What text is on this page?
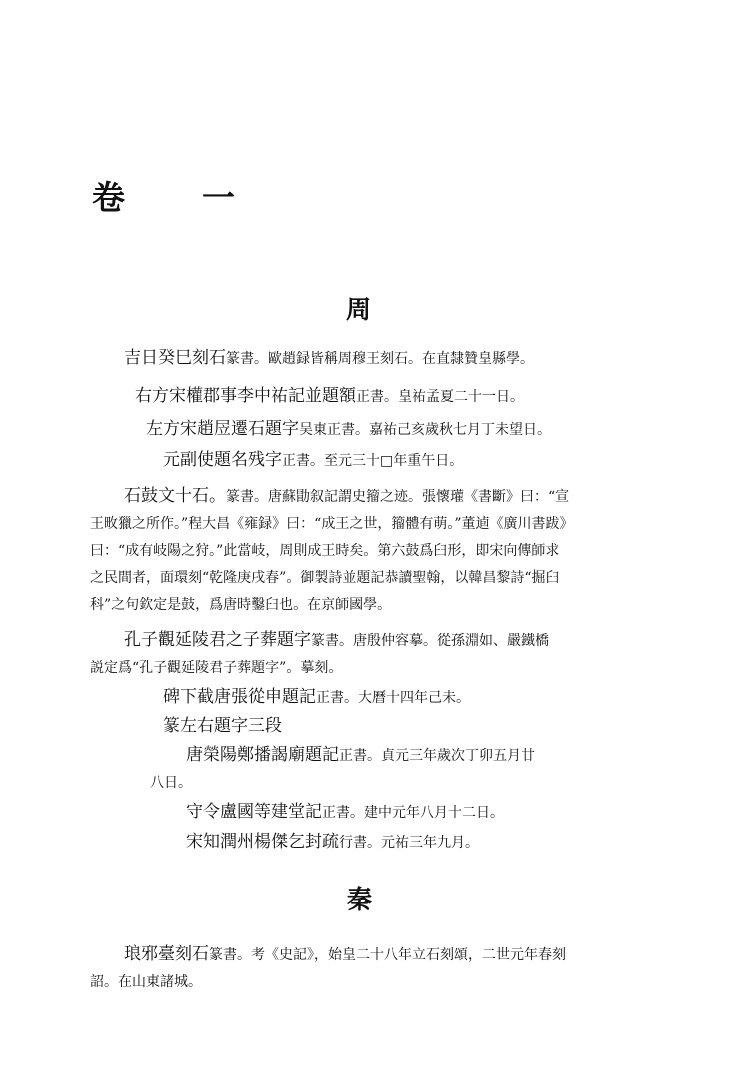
卷　一
周
吉日癸巳刻石篆書。歐趙録皆稱周穆王刻石。在直隸贊皇縣學。
右方宋權郡事李中祐記並題額正書。皇祐孟夏二十一日。
左方宋趙㞐遷石題字吴東正書。嘉祐己亥歲秋七月丁未望日。
元副使題名残字正書。至元三十□年重午日。
石鼓文十石。篆書。唐蘇勖叙記謂史籀之迹。張懷瓘《書斷》曰：“宣
王畋獵之所作。”程大昌《雍録》曰：“成王之世，籀體有萌。”董逌《廣川書跋》
曰：“成有岐陽之狩。”此當岐，周則成王時矣。第六鼓爲臼形，即宋向傳師求
之民間者，面環刻“乾隆庚戌春”。御製詩並題記恭讀聖翰，以韓昌黎詩“掘臼
科”之句欽定是鼓，爲唐時鑿臼也。在京師國學。
孔子觀延陵君之子葬題字篆書。唐殷仲容摹。從孫淵如、嚴鐵橋
説定爲“孔子觀延陵君子葬題字”。摹刻。
碑下截唐張從申題記正書。大曆十四年己未。
篆左右題字三段
唐榮陽鄭播謁廟題記正書。貞元三年歲次丁卯五月廿
八日。
守令盧國等建堂記正書。建中元年八月十二日。
宋知潤州楊傑乞封疏行書。元祐三年九月。
秦
琅邪臺刻石篆書。考《史記》，始皇二十八年立石刻頌，二世元年春刻
詔。在山東諸城。
